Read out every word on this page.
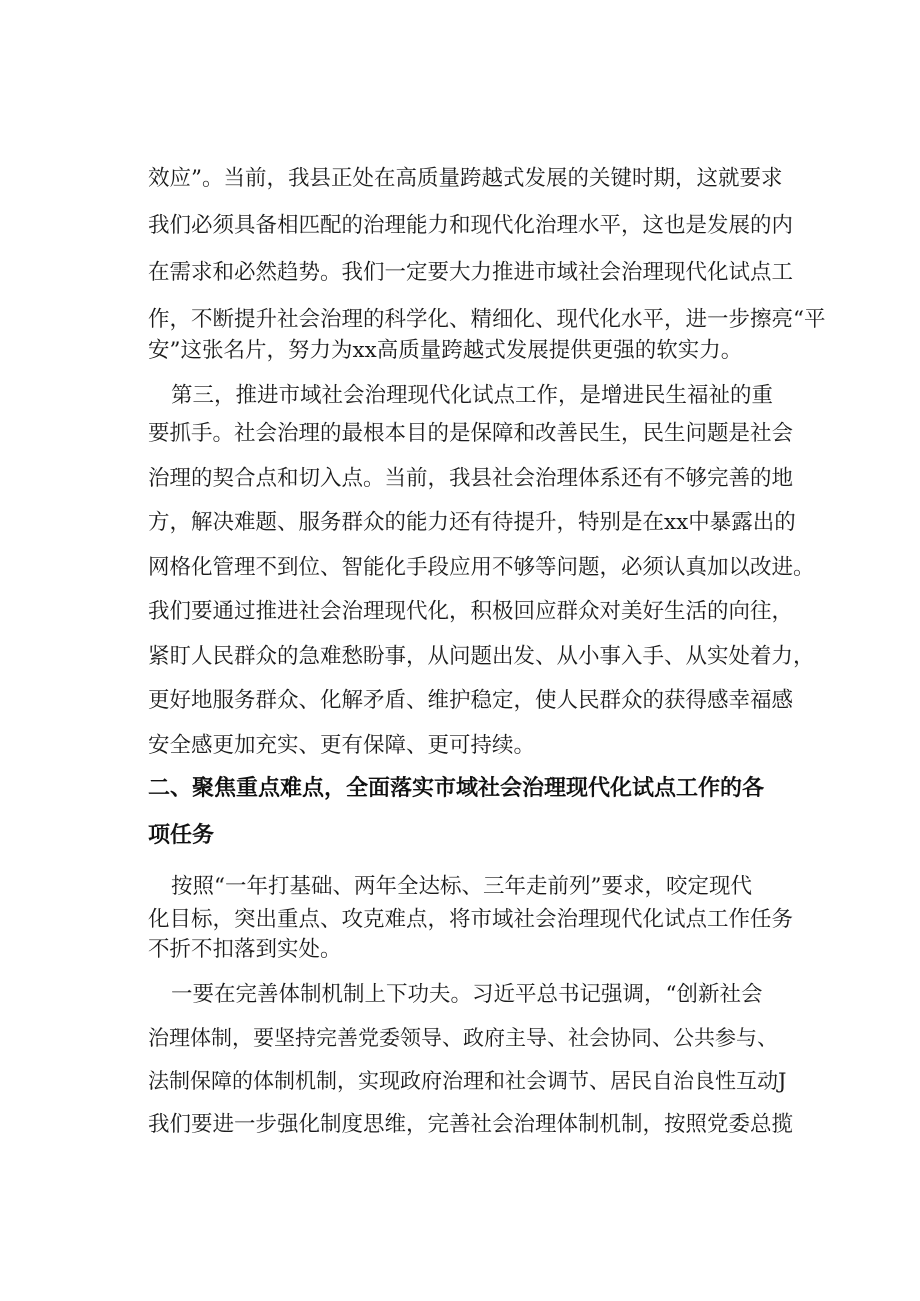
效应”。当前，我县正处在高质量跨越式发展的关键时期，这就要求

我们必须具备相匹配的治理能力和现代化治理水平，这也是发展的内

在需求和必然趋势。我们一定要大力推进市域社会治理现代化试点工

作，不断提升社会治理的科学化、精细化、现代化水平，进一步擦亮“平

安”这张名片，努力为xx高质量跨越式发展提供更强的软实力。

第三，推进市域社会治理现代化试点工作，是增进民生福祉的重

要抓手。社会治理的最根本目的是保障和改善民生，民生问题是社会

治理的契合点和切入点。当前，我县社会治理体系还有不够完善的地

方，解决难题、服务群众的能力还有待提升，特别是在xx中暴露出的

网格化管理不到位、智能化手段应用不够等问题，必须认真加以改进。

我们要通过推进社会治理现代化，积极回应群众对美好生活的向往，

紧盯人民群众的急难愁盼事，从问题出发、从小事入手、从实处着力，

更好地服务群众、化解矛盾、维护稳定，使人民群众的获得感幸福感

安全感更加充实、更有保障、更可持续。

二、聚焦重点难点，全面落实市域社会治理现代化试点工作的各

项任务

按照“一年打基础、两年全达标、三年走前列”要求，咬定现代

化目标，突出重点、攻克难点，将市域社会治理现代化试点工作任务

不折不扣落到实处。

一要在完善体制机制上下功夫。习近平总书记强调，“创新社会

治理体制，要坚持完善党委领导、政府主导、社会协同、公共参与、

法制保障的体制机制，实现政府治理和社会调节、居民自治良性互动J

我们要进一步强化制度思维，完善社会治理体制机制，按照党委总揽
